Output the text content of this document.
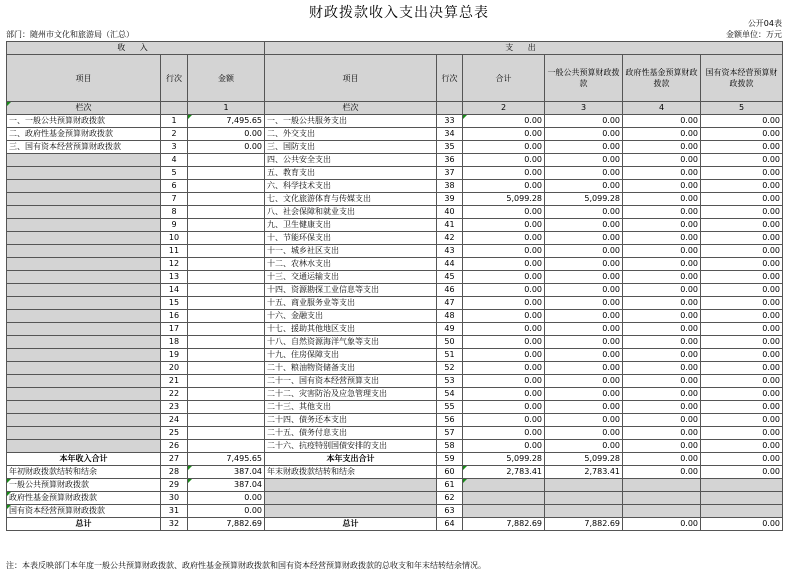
财政拨款收入支出决算总表
公开04表
部门：随州市文化和旅游局（汇总）	金额单位：万元
收 入			支 出					
项目	行次	金额	项目	行次	合计	一般公共预算财政拨款	政府性基金预算财政拨款	国有资本经营预算财政拨款
栏次		1	栏次		2	3	4	5
一、一般公共预算财政拨款	1	7,495.65	一、一般公共服务支出	33	0.00	0.00	0.00	0.00
二、政府性基金预算财政拨款	2	0.00	二、外交支出	34	0.00	0.00	0.00	0.00
三、国有资本经营预算财政拨款	3	0.00	三、国防支出	35	0.00	0.00	0.00	0.00
	4		四、公共安全支出	36	0.00	0.00	0.00	0.00
	5		五、教育支出	37	0.00	0.00	0.00	0.00
	6		六、科学技术支出	38	0.00	0.00	0.00	0.00
	7		七、文化旅游体育与传媒支出	39	5,099.28	5,099.28	0.00	0.00
	8		八、社会保障和就业支出	40	0.00	0.00	0.00	0.00
	9		九、卫生健康支出	41	0.00	0.00	0.00	0.00
	10		十、节能环保支出	42	0.00	0.00	0.00	0.00
	11		十一、城乡社区支出	43	0.00	0.00	0.00	0.00
	12		十二、农林水支出	44	0.00	0.00	0.00	0.00
	13		十三、交通运输支出	45	0.00	0.00	0.00	0.00
	14		十四、资源勘探工业信息等支出	46	0.00	0.00	0.00	0.00
	15		十五、商业服务业等支出	47	0.00	0.00	0.00	0.00
	16		十六、金融支出	48	0.00	0.00	0.00	0.00
	17		十七、援助其他地区支出	49	0.00	0.00	0.00	0.00
	18		十八、自然资源海洋气象等支出	50	0.00	0.00	0.00	0.00
	19		十九、住房保障支出	51	0.00	0.00	0.00	0.00
	20		二十、粮油物资储备支出	52	0.00	0.00	0.00	0.00
	21		二十一、国有资本经营预算支出	53	0.00	0.00	0.00	0.00
	22		二十二、灾害防治及应急管理支出	54	0.00	0.00	0.00	0.00
	23		二十三、其他支出	55	0.00	0.00	0.00	0.00
	24		二十四、债务还本支出	56	0.00	0.00	0.00	0.00
	25		二十五、债务付息支出	57	0.00	0.00	0.00	0.00
	26		二十六、抗疫特别国债安排的支出	58	0.00	0.00	0.00	0.00
本年收入合计	27	7,495.65	本年支出合计	59	5,099.28	5,099.28	0.00	0.00
年初财政拨款结转和结余	28	387.04	年末财政拨款结转和结余	60	2,783.41	2,783.41	0.00	0.00
一般公共预算财政拨款	29	387.04		61				
政府性基金预算财政拨款	30	0.00		62				
国有资本经营预算财政拨款	31	0.00		63				
总计	32	7,882.69	总计	64	7,882.69	7,882.69	0.00	0.00
注：本表反映部门本年度一般公共预算财政拨款、政府性基金预算财政拨款和国有资本经营预算财政拨款的总收支和年末结转结余情况。
